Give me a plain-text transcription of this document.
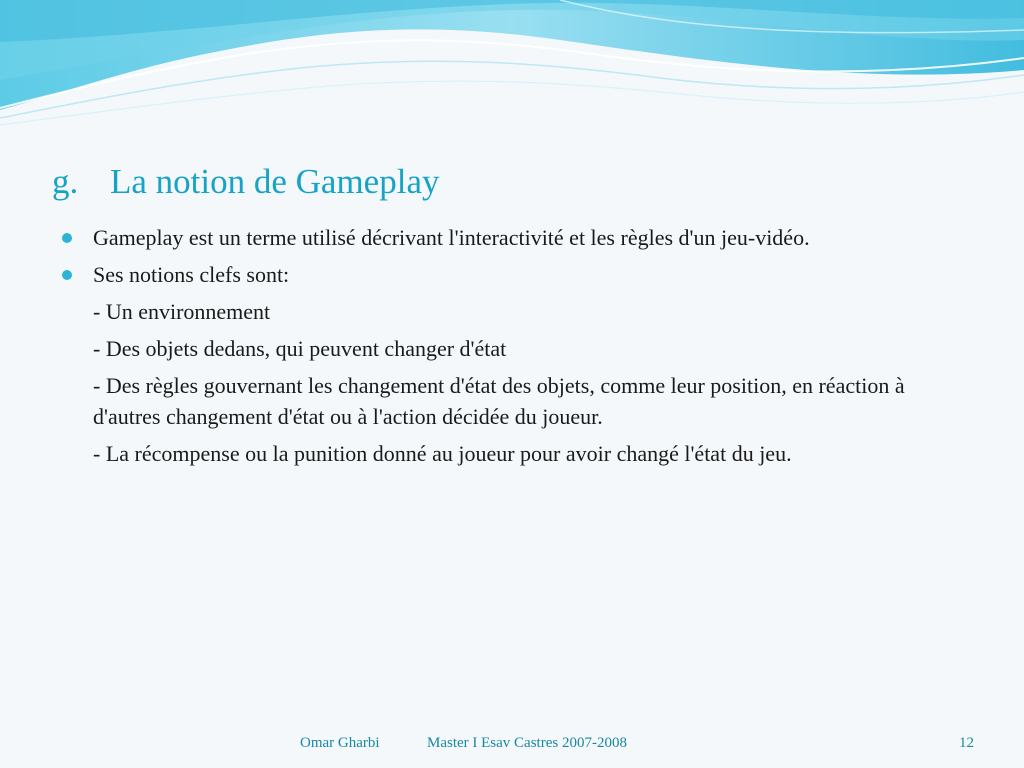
g. La notion de Gameplay
Gameplay est un terme utilisé décrivant l'interactivité et les règles d'un jeu-vidéo.
Ses notions clefs sont:
- Un environnement
- Des objets dedans, qui peuvent changer d'état
- Des règles gouvernant les changement d'état des objets, comme leur position, en réaction à d'autres changement d'état ou à l'action décidée du joueur.
- La récompense ou la punition donné au joueur pour avoir changé l'état du jeu.
Omar Gharbi	Master I Esav Castres 2007-2008	12
